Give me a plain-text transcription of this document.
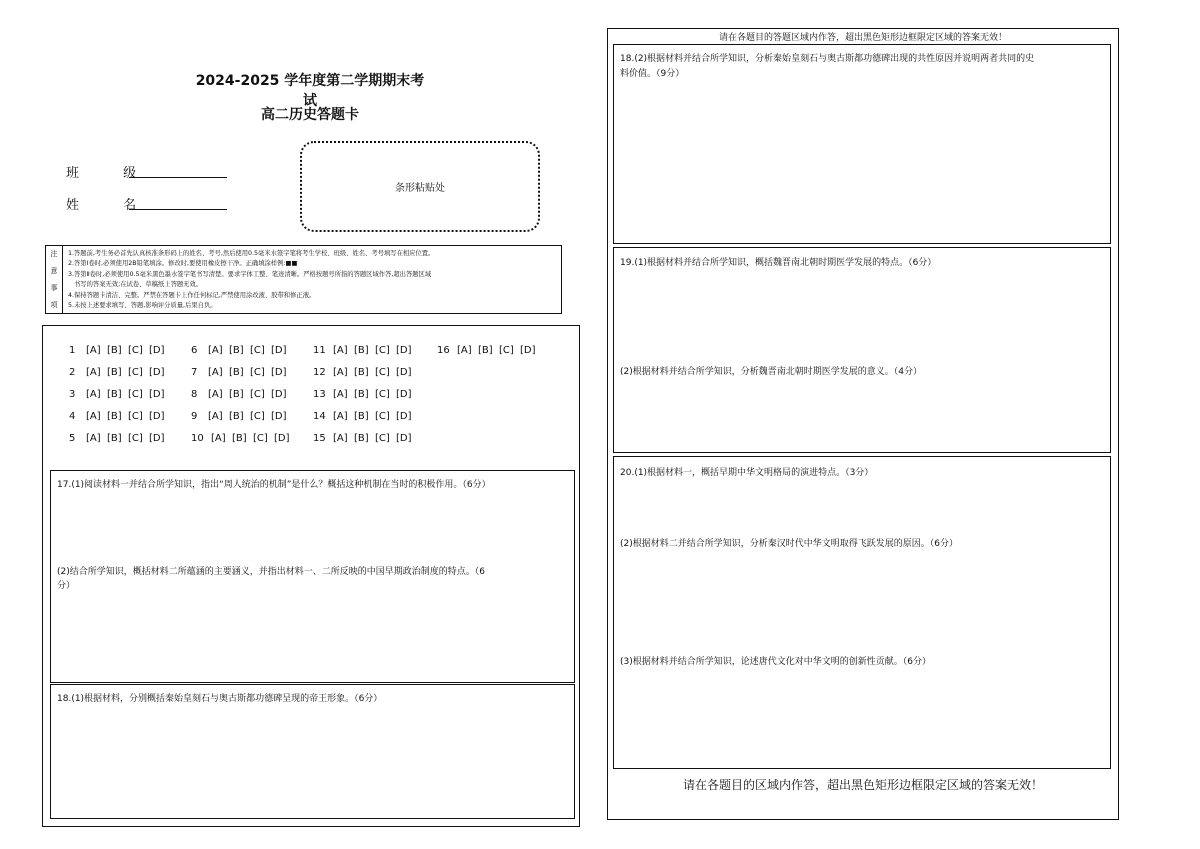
2024-2025 学年度第二学期期末考试
高二历史答题卡
班 级
姓 名
条形粘贴处
注
意
事
项
1.答题前,考生务必首先认真核准条形码上的姓名、考号,然后使用0.5毫米水签字笔将考生学校、班级、姓名、考号填写在相应位置。
2.答第Ⅰ卷时,必须使用2B铅笔填涂。修改时,要使用橡皮擦干净。正确填涂样例:■■
3.答第Ⅱ卷时,必须使用0.5毫米黑色墨水签字笔书写清楚。要求字体工整、笔迹清晰。严格按题号所指的答题区域作答,超出答题区域
书写的答案无效;在试卷、草稿纸上答题无效。
4.保持答题卡清洁、完整。严禁在答题卡上作任何标记,严禁使用涂改液、胶带和修正液。
5.未按上述要求填写、答题,影响评分质量,后果自负。
1 [A] [B] [C] [D]
2 [A] [B] [C] [D]
3 [A] [B] [C] [D]
4 [A] [B] [C] [D]
5 [A] [B] [C] [D]
6 [A] [B] [C] [D]
7 [A] [B] [C] [D]
8 [A] [B] [C] [D]
9 [A] [B] [C] [D]
10 [A] [B] [C] [D]
11 [A] [B] [C] [D]
12 [A] [B] [C] [D]
13 [A] [B] [C] [D]
14 [A] [B] [C] [D]
15 [A] [B] [C] [D]
16 [A] [B] [C] [D]
17.(1)阅读材料一并结合所学知识，指出“周人统治的机制”是什么？概括这种机制在当时的积极作用。（6分）
(2)结合所学知识，概括材料二所蕴涵的主要涵义，并指出材料一、二所反映的中国早期政治制度的特点。（6
分）
18.(1)根据材料，分别概括秦始皇刻石与奥古斯都功德碑呈现的帝王形象。（6分）
请在各题目的答题区域内作答，超出黑色矩形边框限定区域的答案无效！
18.(2)根据材料并结合所学知识，分析秦始皇刻石与奥古斯都功德碑出现的共性原因并说明两者共同的史
料价值。（9分）
19.(1)根据材料并结合所学知识，概括魏晋南北朝时期医学发展的特点。（6分）
(2)根据材料并结合所学知识，分析魏晋南北朝时期医学发展的意义。（4分）
20.(1)根据材料一，概括早期中华文明格局的演进特点。（3分）
(2)根据材料二并结合所学知识，分析秦汉时代中华文明取得飞跃发展的原因。（6分）
(3)根据材料并结合所学知识，论述唐代文化对中华文明的创新性贡献。（6分）
请在各题目的区域内作答，超出黑色矩形边框限定区域的答案无效！
